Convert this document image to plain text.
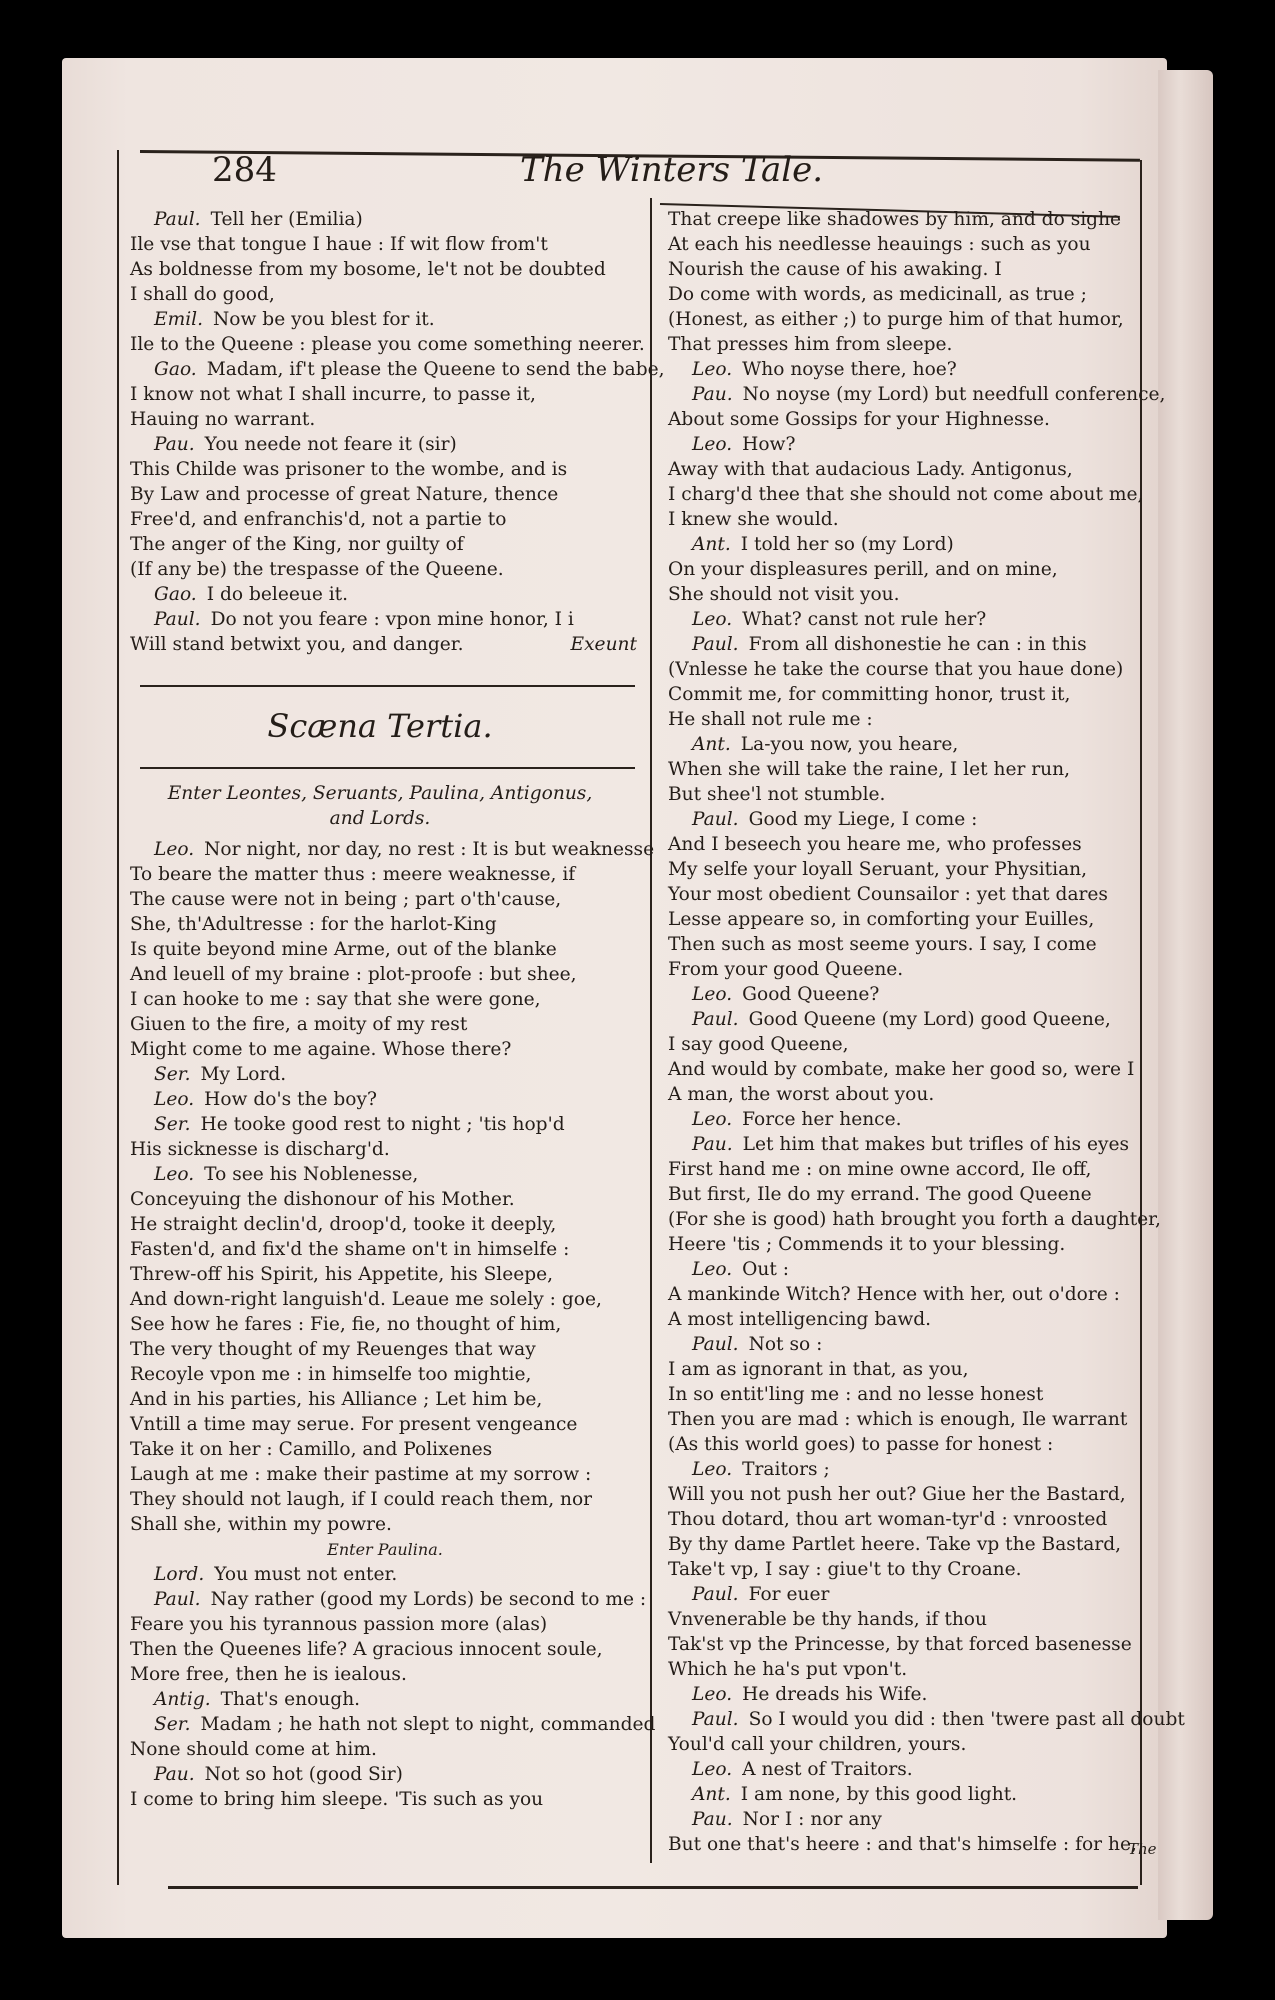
284	The Winters Tale.
Paul. Tell her (Emilia)
Ile vse that tongue I haue : If wit flow from't
As boldnesse from my bosome, le't not be doubted
I shall do good,
Emil. Now be you blest for it.
Ile to the Queene : please you come something neerer.
Gao. Madam, if't please the Queene to send the babe,
I know not what I shall incurre, to passe it,
Hauing no warrant.
Pau. You neede not feare it (sir)
This Childe was prisoner to the wombe, and is
By Law and processe of great Nature, thence
Free'd, and enfranchis'd, not a partie to
The anger of the King, nor guilty of
(If any be) the trespasse of the Queene.
Gao. I do beleeue it.
Paul. Do not you feare : vpon mine honor, I i
Will stand betwixt you, and danger.	Exeunt
Scæna Tertia.
Enter Leontes, Seruants, Paulina, Antigonus,
and Lords.
Leo. Nor night, nor day, no rest : It is but weaknesse
To beare the matter thus : meere weaknesse, if
The cause were not in being ; part o'th'cause,
She, th'Adultresse : for the harlot-King
Is quite beyond mine Arme, out of the blanke
And leuell of my braine : plot-proofe : but shee,
I can hooke to me : say that she were gone,
Giuen to the fire, a moity of my rest
Might come to me againe. Whose there?
Ser. My Lord.
Leo. How do's the boy?
Ser. He tooke good rest to night ; 'tis hop'd
His sicknesse is discharg'd.
Leo. To see his Noblenesse,
Conceyuing the dishonour of his Mother.
He straight declin'd, droop'd, tooke it deeply,
Fasten'd, and fix'd the shame on't in himselfe :
Threw-off his Spirit, his Appetite, his Sleepe,
And down-right languish'd. Leaue me solely : goe,
See how he fares : Fie, fie, no thought of him,
The very thought of my Reuenges that way
Recoyle vpon me : in himselfe too mightie,
And in his parties, his Alliance ; Let him be,
Vntill a time may serue. For present vengeance
Take it on her : Camillo, and Polixenes
Laugh at me : make their pastime at my sorrow :
They should not laugh, if I could reach them, nor
Shall she, within my powre.
Enter Paulina.
Lord. You must not enter.
Paul. Nay rather (good my Lords) be second to me :
Feare you his tyrannous passion more (alas)
Then the Queenes life? A gracious innocent soule,
More free, then he is iealous.
Antig. That's enough.
Ser. Madam ; he hath not slept to night, commanded
None should come at him.
Pau. Not so hot (good Sir)
I come to bring him sleepe. 'Tis such as you
That creepe like shadowes by him, and do sighe
At each his needlesse heauings : such as you
Nourish the cause of his awaking. I
Do come with words, as medicinall, as true ;
(Honest, as either ;) to purge him of that humor,
That presses him from sleepe.
Leo. Who noyse there, hoe?
Pau. No noyse (my Lord) but needfull conference,
About some Gossips for your Highnesse.
Leo. How?
Away with that audacious Lady. Antigonus,
I charg'd thee that she should not come about me,
I knew she would.
Ant. I told her so (my Lord)
On your displeasures perill, and on mine,
She should not visit you.
Leo. What? canst not rule her?
Paul. From all dishonestie he can : in this
(Vnlesse he take the course that you haue done)
Commit me, for committing honor, trust it,
He shall not rule me :
Ant. La-you now, you heare,
When she will take the raine, I let her run,
But shee'l not stumble.
Paul. Good my Liege, I come :
And I beseech you heare me, who professes
My selfe your loyall Seruant, your Physitian,
Your most obedient Counsailor : yet that dares
Lesse appeare so, in comforting your Euilles,
Then such as most seeme yours. I say, I come
From your good Queene.
Leo. Good Queene?
Paul. Good Queene (my Lord) good Queene,
I say good Queene,
And would by combate, make her good so, were I
A man, the worst about you.
Leo. Force her hence.
Pau. Let him that makes but trifles of his eyes
First hand me : on mine owne accord, Ile off,
But first, Ile do my errand. The good Queene
(For she is good) hath brought you forth a daughter,
Heere 'tis ; Commends it to your blessing.
Leo. Out :
A mankinde Witch? Hence with her, out o'dore :
A most intelligencing bawd.
Paul. Not so :
I am as ignorant in that, as you,
In so entit'ling me : and no lesse honest
Then you are mad : which is enough, Ile warrant
(As this world goes) to passe for honest :
Leo. Traitors ;
Will you not push her out? Giue her the Bastard,
Thou dotard, thou art woman-tyr'd : vnroosted
By thy dame Partlet heere. Take vp the Bastard,
Take't vp, I say : giue't to thy Croane.
Paul. For euer
Vnvenerable be thy hands, if thou
Tak'st vp the Princesse, by that forced basenesse
Which he ha's put vpon't.
Leo. He dreads his Wife.
Paul. So I would you did : then 'twere past all doubt
Youl'd call your children, yours.
Leo. A nest of Traitors.
Ant. I am none, by this good light.
Pau. Nor I : nor any
But one that's heere : and that's himselfe : for he,
The
